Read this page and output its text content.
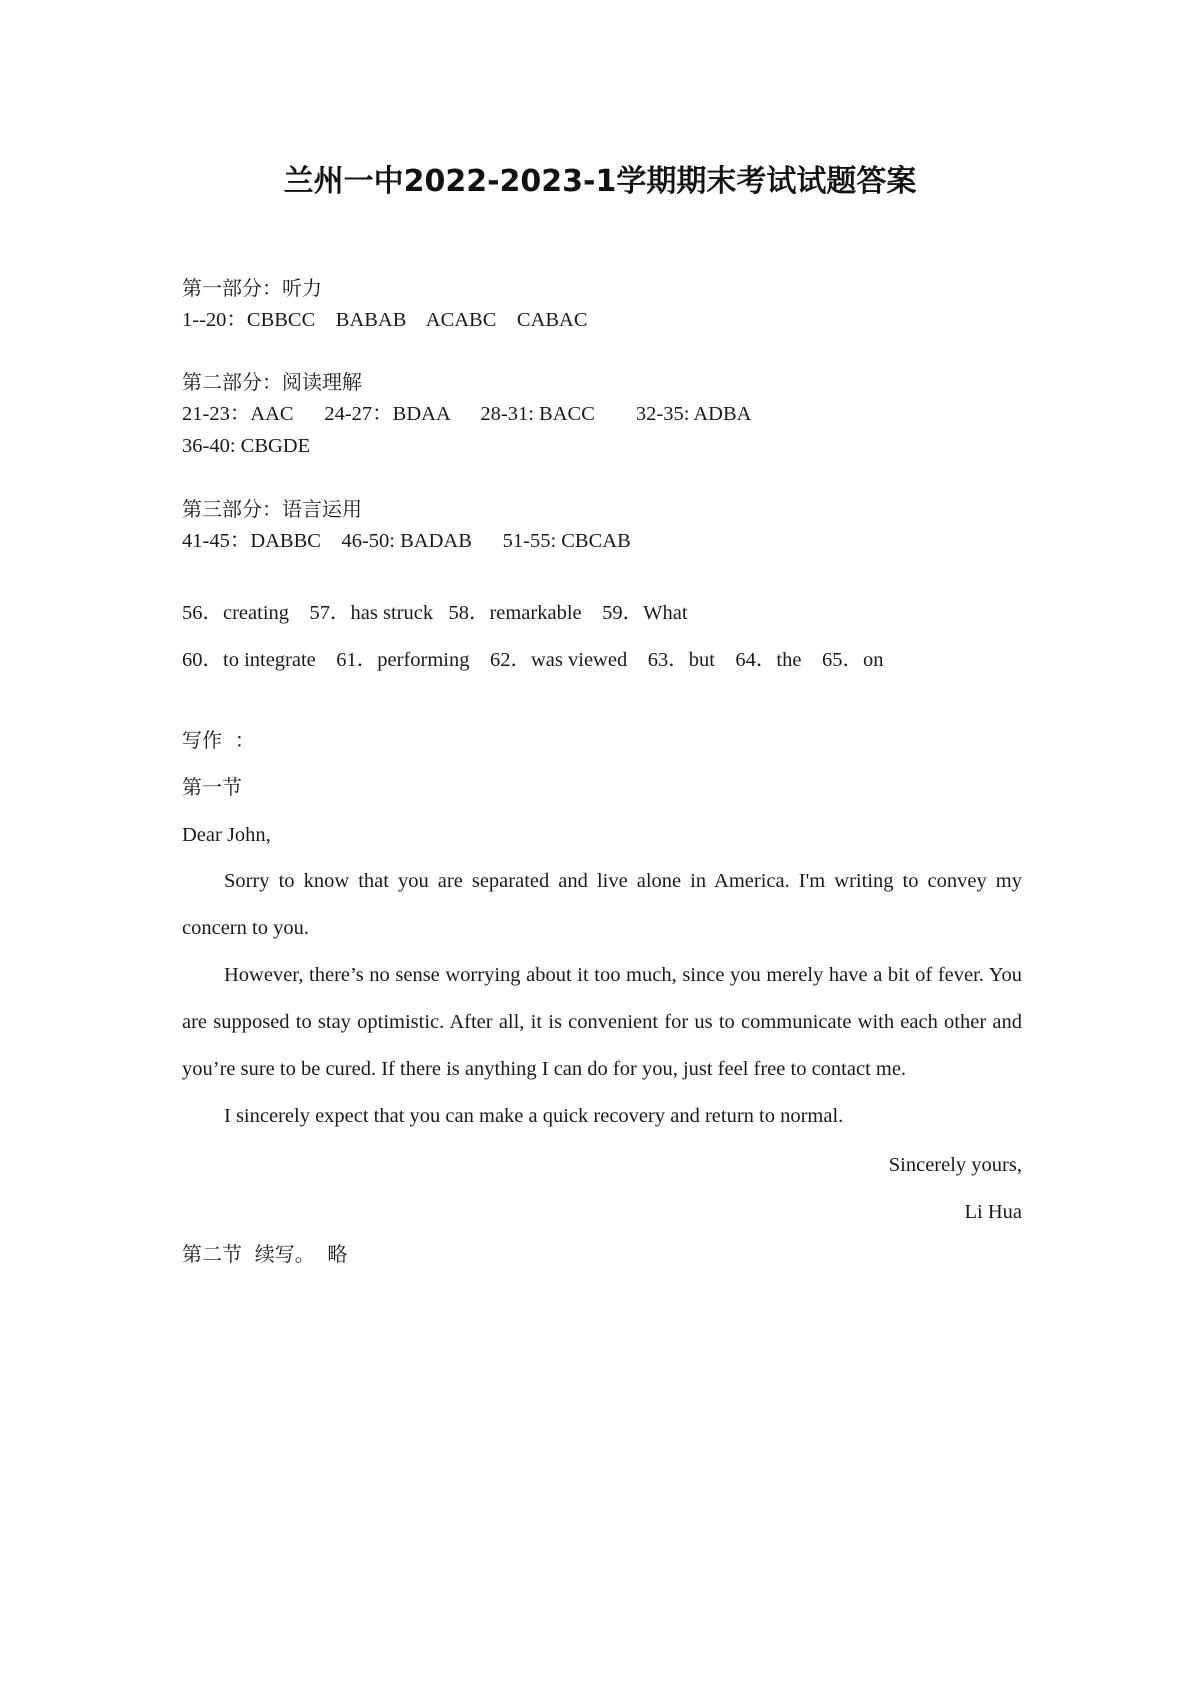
兰州一中2022-2023-1学期期末考试试题答案
第一部分：听力
1--20：CBBCC    BABAB    ACABC    CABAC
第二部分：阅读理解
21-23：AAC      24-27：BDAA      28-31: BACC        32-35: ADBA
36-40: CBGDE
第三部分：语言运用
41-45：DABBC    46-50: BADAB      51-55: CBCAB
56．creating    57．has struck   58．remarkable    59．What
60．to integrate    61．performing    62．was viewed    63．but    64．the    65．on
写作  ：
第一节
Dear John,
Sorry to know that you are separated and live alone in America. I'm writing to convey my concern to you.
However, there’s no sense worrying about it too much, since you merely have a bit of fever. You are supposed to stay optimistic. After all, it is convenient for us to communicate with each other and you’re sure to be cured. If there is anything I can do for you, just feel free to contact me.
I sincerely expect that you can make a quick recovery and return to normal.
Sincerely yours,
Li Hua
第二节  续写。  略
